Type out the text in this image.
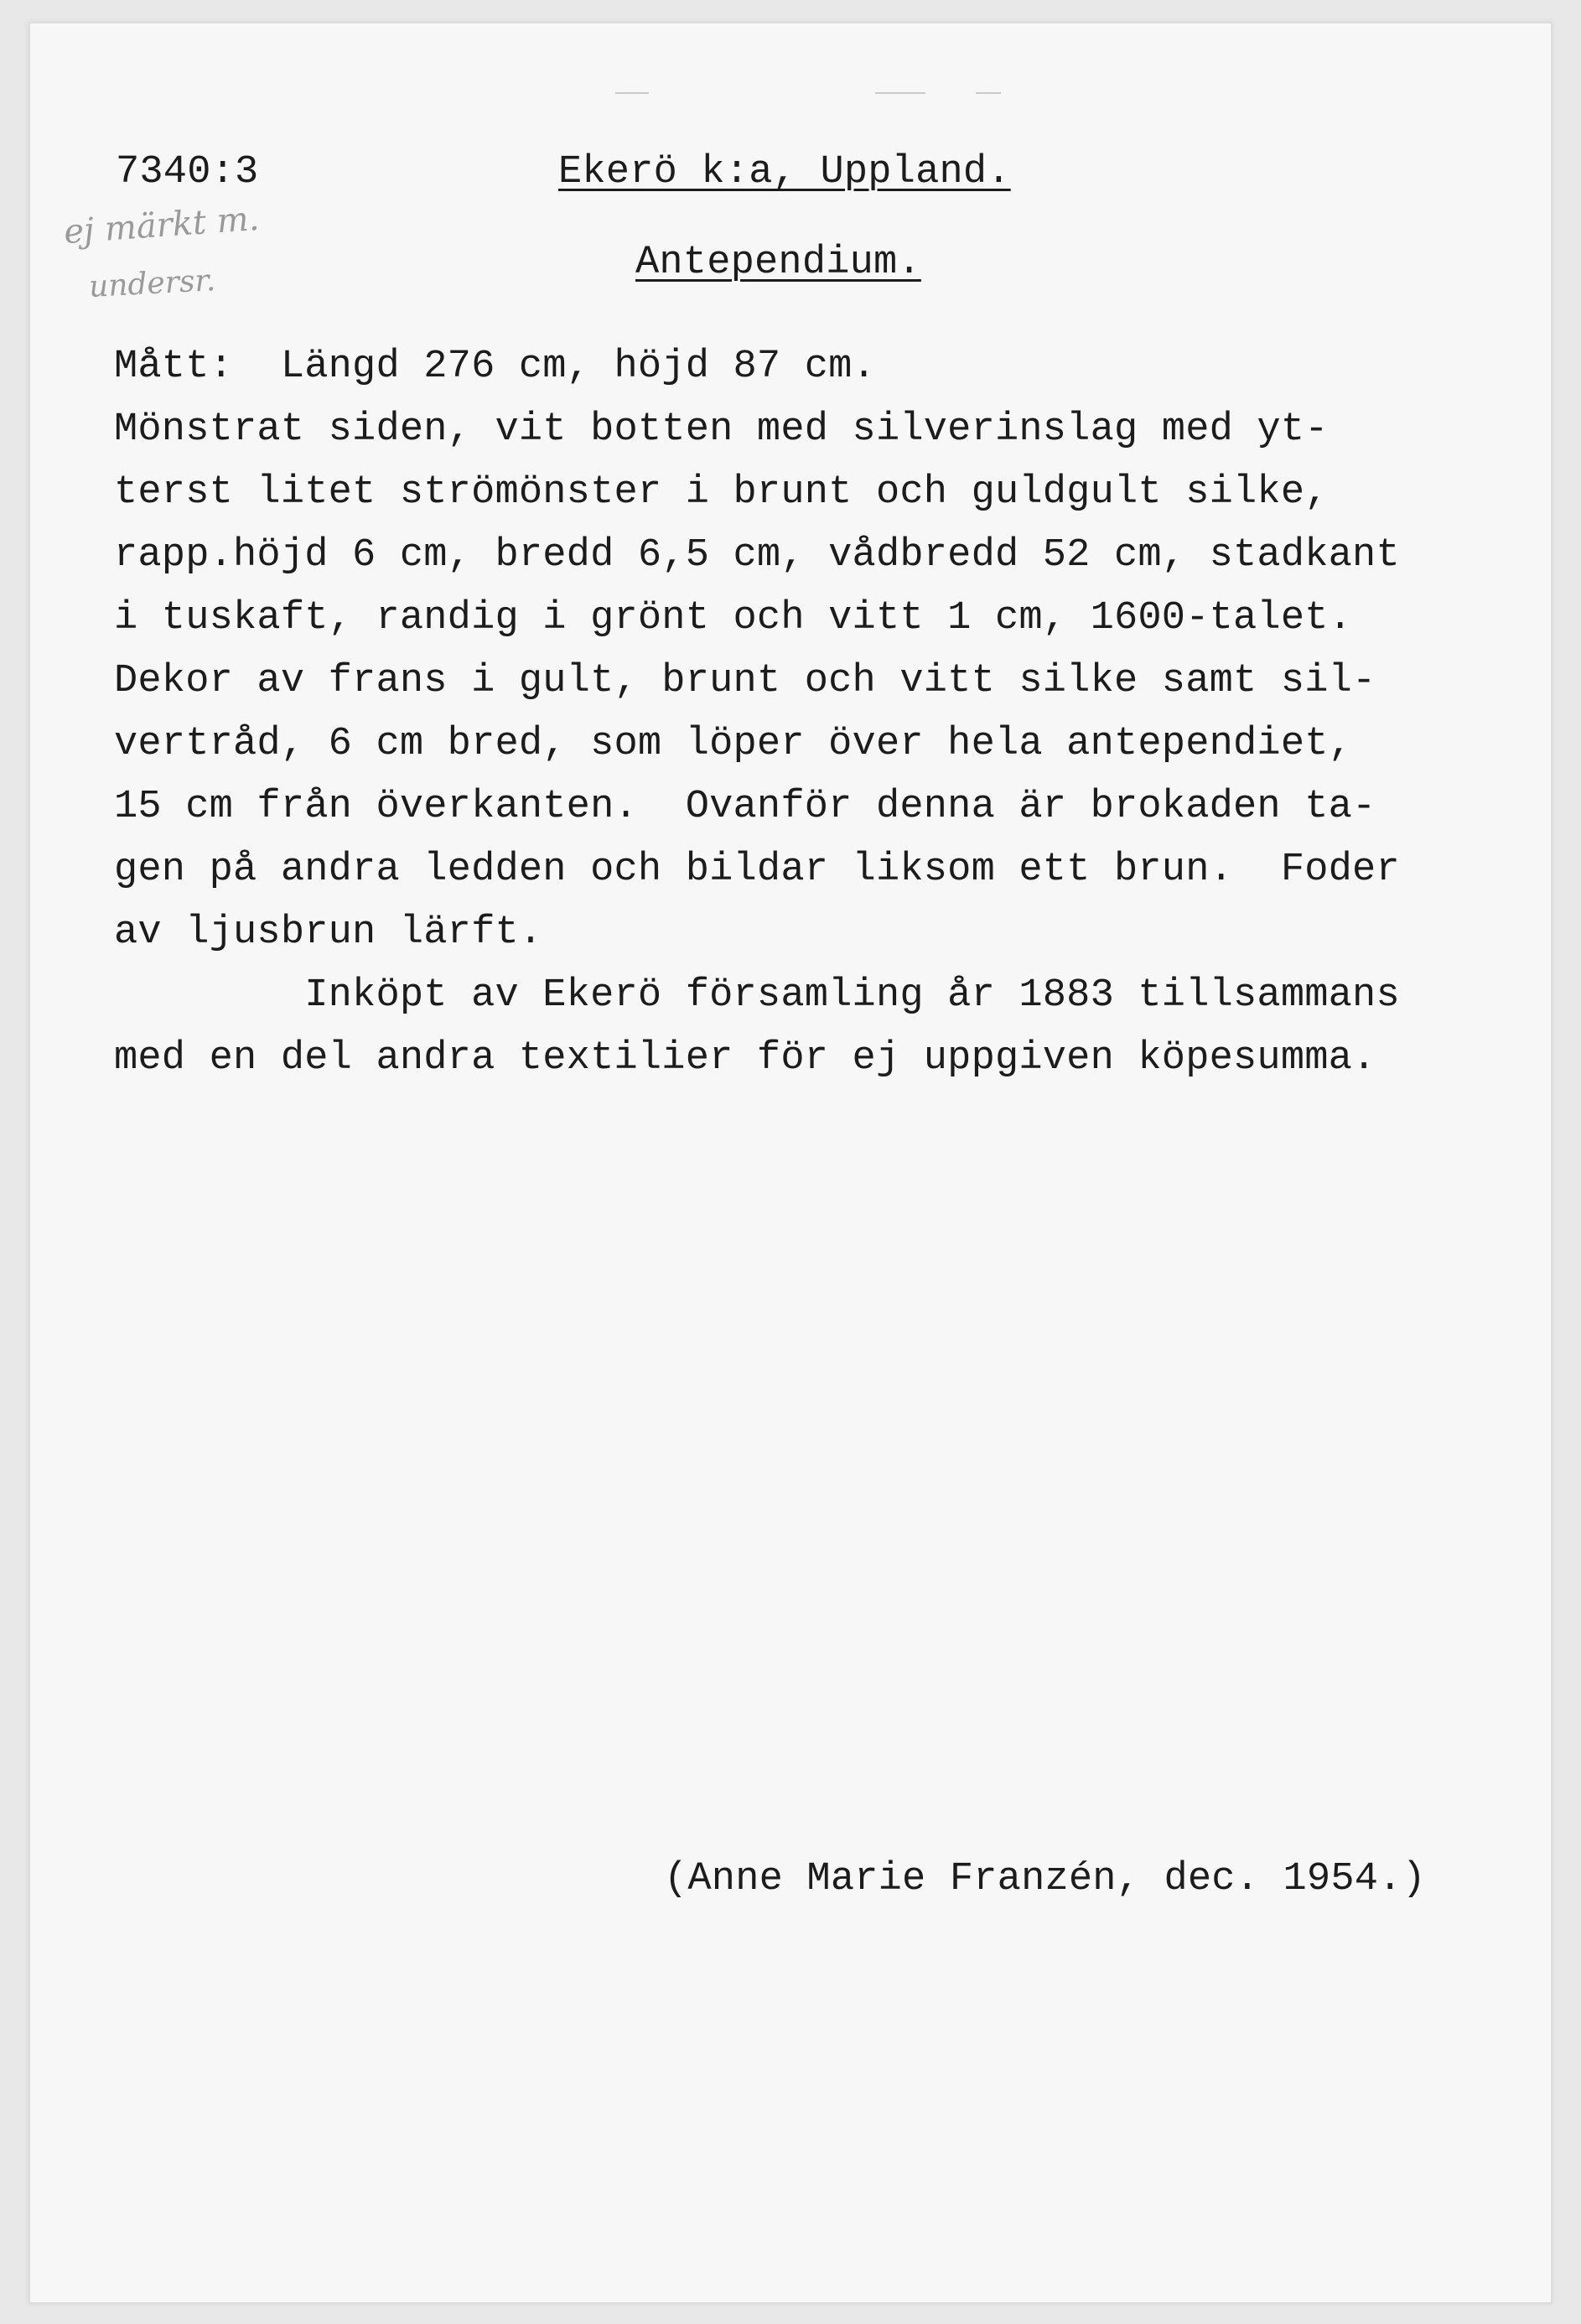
7340:3	Ekerö k:a, Uppland.
Antependium.
ej märkt m.
undersr.
Mått:  Längd 276 cm, höjd 87 cm.
Mönstrat siden, vit botten med silverinslag med yt-
terst litet strömönster i brunt och guldgult silke,
rapp.höjd 6 cm, bredd 6,5 cm, vådbredd 52 cm, stadkant
i tuskaft, randig i grönt och vitt 1 cm, 1600-talet.
Dekor av frans i gult, brunt och vitt silke samt sil-
vertråd, 6 cm bred, som löper över hela antependiet,
15 cm från överkanten.  Ovanför denna är brokaden ta-
gen på andra ledden och bildar liksom ett brun.  Foder
av ljusbrun lärft.
Inköpt av Ekerö församling år 1883 tillsammans
med en del andra textilier för ej uppgiven köpesumma.
(Anne Marie Franzén, dec. 1954.)
